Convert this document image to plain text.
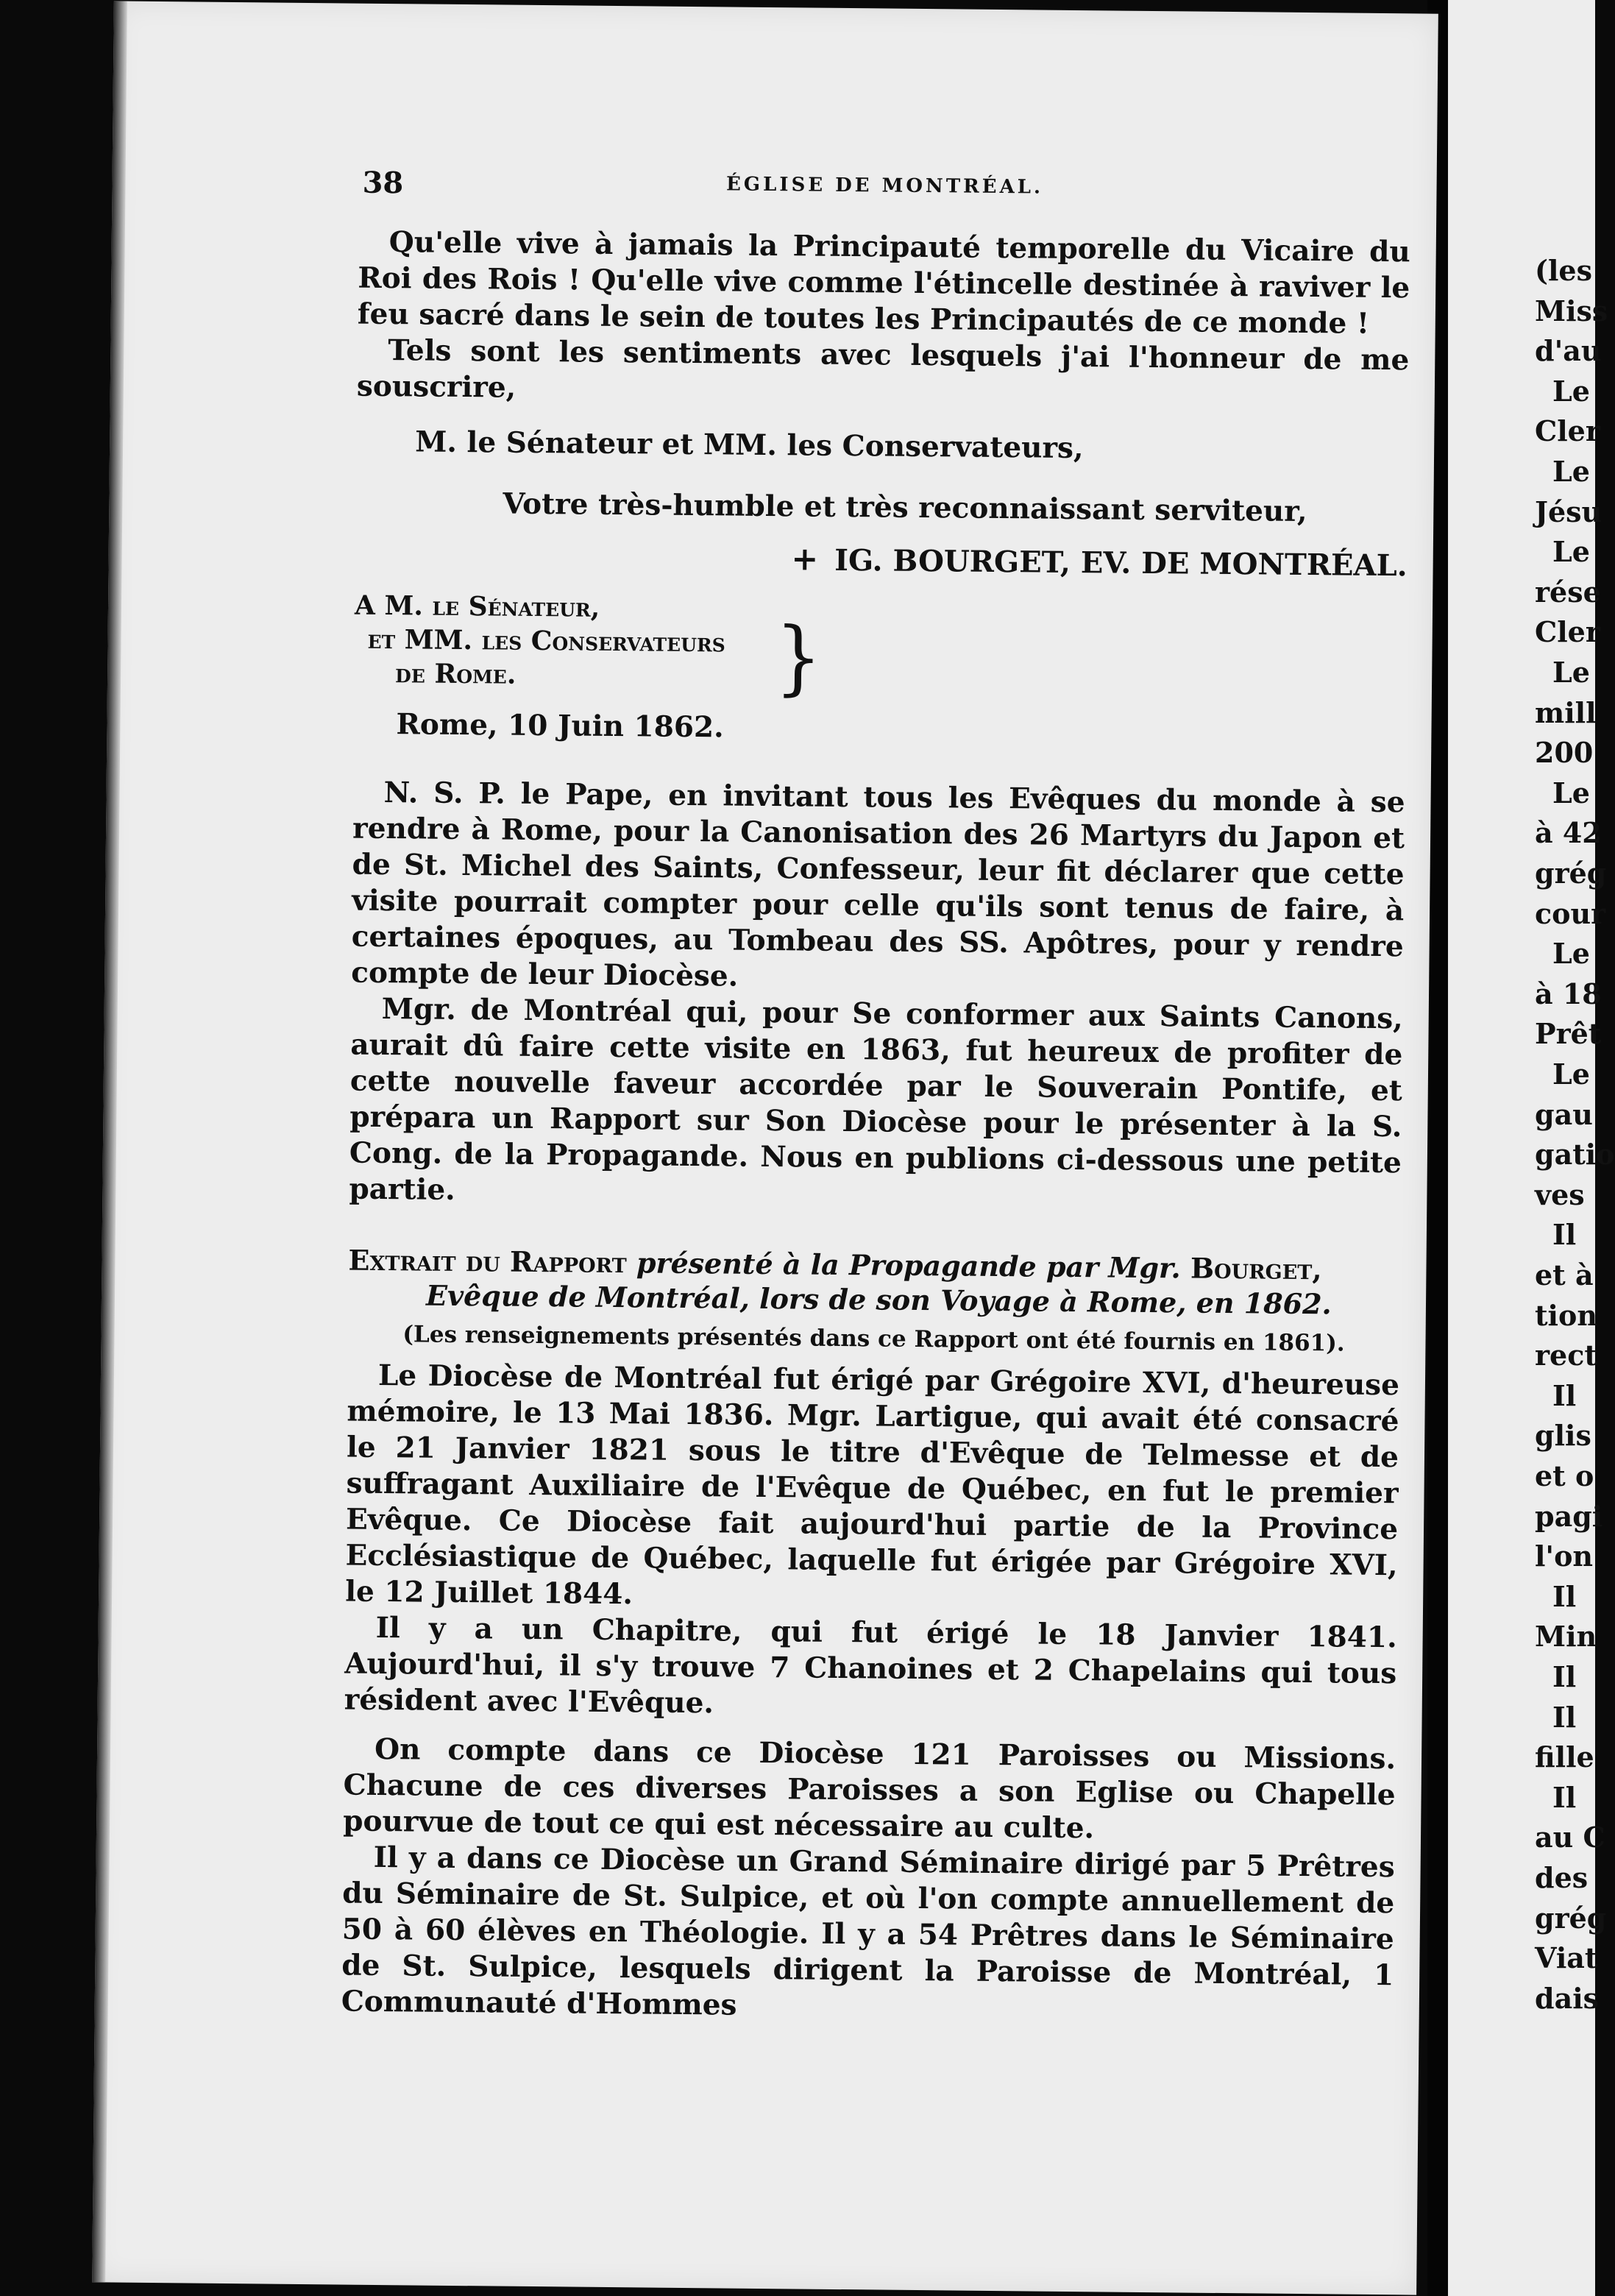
38	ÉGLISE DE MONTRÉAL.

Qu'elle vive à jamais la Principauté temporelle du Vicaire du Roi des Rois ! Qu'elle vive comme l'étincelle destinée à raviver le feu sacré dans le sein de toutes les Principautés de ce monde !

Tels sont les sentiments avec lesquels j'ai l'honneur de me souscrire,

M. le Sénateur et MM. les Conservateurs,

Votre très-humble et très reconnaissant serviteur,

+ IG. BOURGET, EV. DE MONTRÉAL.

A M. le Sénateur,
et MM. les Conservateurs
de Rome.	}

Rome, 10 Juin 1862.

N. S. P. le Pape, en invitant tous les Evêques du monde à se rendre à Rome, pour la Canonisation des 26 Martyrs du Japon et de St. Michel des Saints, Confesseur, leur fit déclarer que cette visite pourrait compter pour celle qu'ils sont tenus de faire, à certaines époques, au Tombeau des SS. Apôtres, pour y rendre compte de leur Diocèse.

Mgr. de Montréal qui, pour Se conformer aux Saints Canons, aurait dû faire cette visite en 1863, fut heureux de profiter de cette nouvelle faveur accordée par le Souverain Pontife, et prépara un Rapport sur Son Diocèse pour le présenter à la S. Cong. de la Propagande. Nous en publions ci-dessous une petite partie.

Extrait du Rapport présenté à la Propagande par Mgr. Bourget, Evêque de Montréal, lors de son Voyage à Rome, en 1862.

(Les renseignements présentés dans ce Rapport ont été fournis en 1861).

Le Diocèse de Montréal fut érigé par Grégoire XVI, d'heureuse mémoire, le 13 Mai 1836. Mgr. Lartigue, qui avait été consacré le 21 Janvier 1821 sous le titre d'Evêque de Telmesse et de suffragant Auxiliaire de l'Evêque de Québec, en fut le premier Evêque. Ce Diocèse fait aujourd'hui partie de la Province Ecclésiastique de Québec, laquelle fut érigée par Grégoire XVI, le 12 Juillet 1844.

Il y a un Chapitre, qui fut érigé le 18 Janvier 1841. Aujourd'hui, il s'y trouve 7 Chanoines et 2 Chapelains qui tous résident avec l'Evêque.

On compte dans ce Diocèse 121 Paroisses ou Missions. Chacune de ces diverses Paroisses a son Eglise ou Chapelle pourvue de tout ce qui est nécessaire au culte.

Il y a dans ce Diocèse un Grand Séminaire dirigé par 5 Prêtres du Séminaire de St. Sulpice, et où l'on compte annuellement de 50 à 60 élèves en Théologie. Il y a 54 Prêtres dans le Séminaire de St. Sulpice, lesquels dirigent la Paroisse de Montréal, 1 Communauté d'Hommes

(les
Miss
d'au
Le
Cler
Le
Jésu
Le
rése
Cler
Le
mill
200
Le
à 42
grég
cour
Le
à 18
Prêt
Le
gau
gatio
ves
Il
et à
tion
rect
Il
glis
et o
pagi
l'on
Il
Min
Il
Il
fille
Il
au C
des
grég
Viat
dais
